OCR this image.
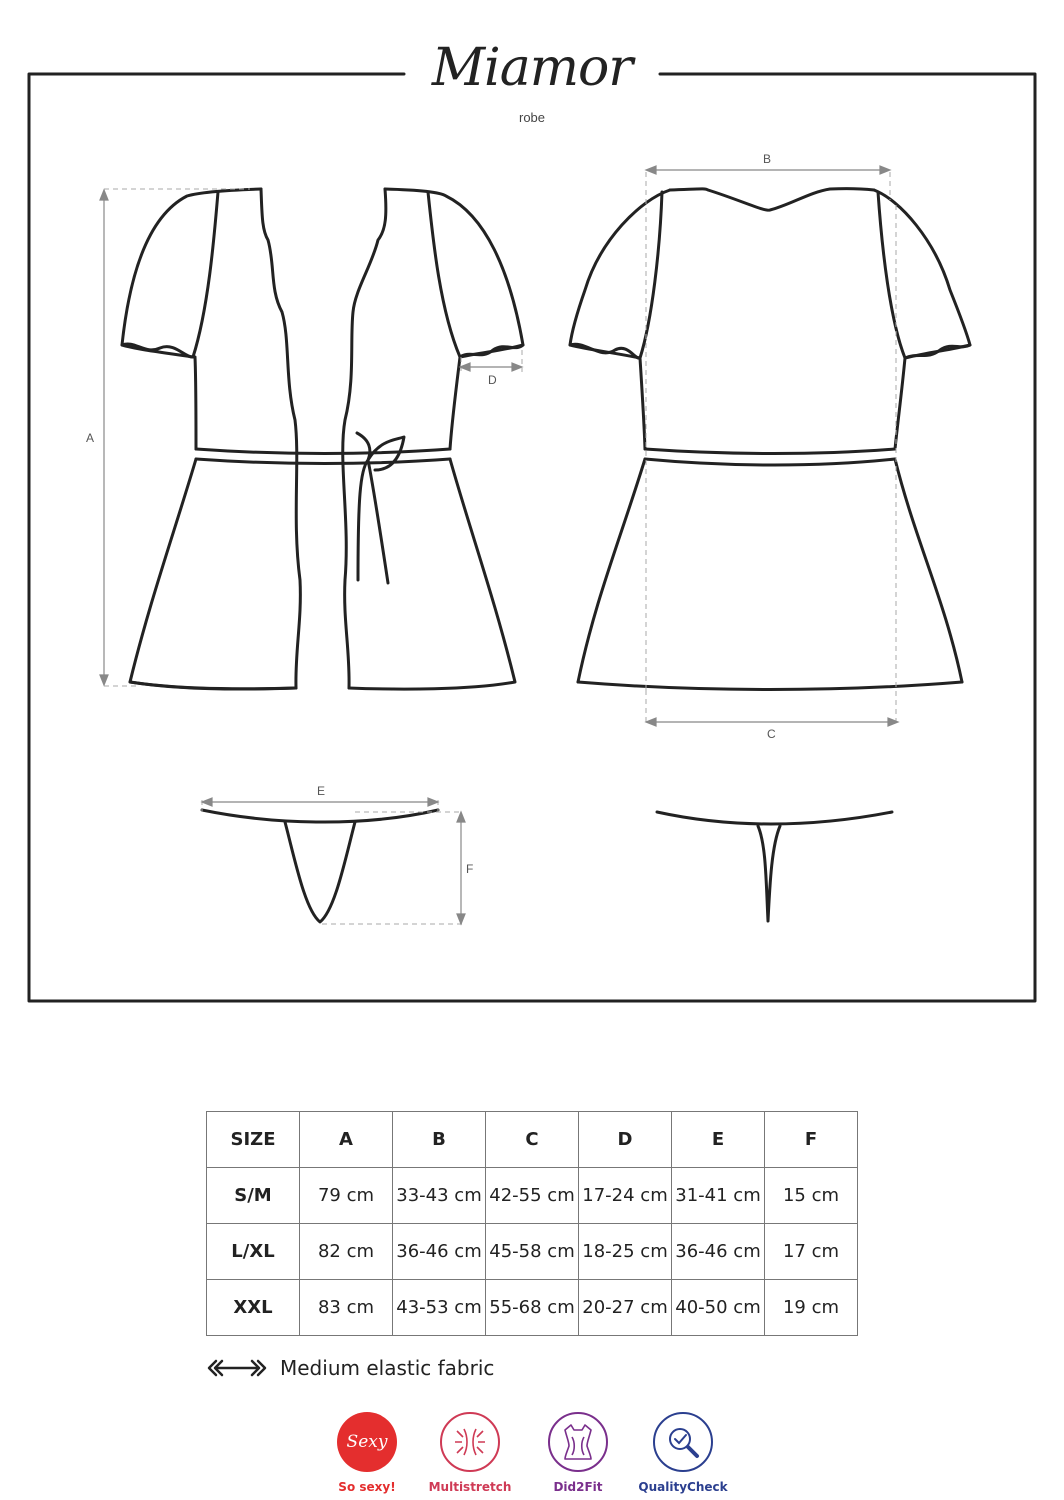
Miamor
robe
A
B
C
D
E
F
SIZE	A	B	C	D	E	F
S/M	79 cm	33-43 cm	42-55 cm	17-24 cm	31-41 cm	15 cm
L/XL	82 cm	36-46 cm	45-58 cm	18-25 cm	36-46 cm	17 cm
XXL	83 cm	43-53 cm	55-68 cm	20-27 cm	40-50 cm	19 cm
Medium elastic fabric
Sexy
So sexy!	Multistretch	Did2Fit	QualityCheck
